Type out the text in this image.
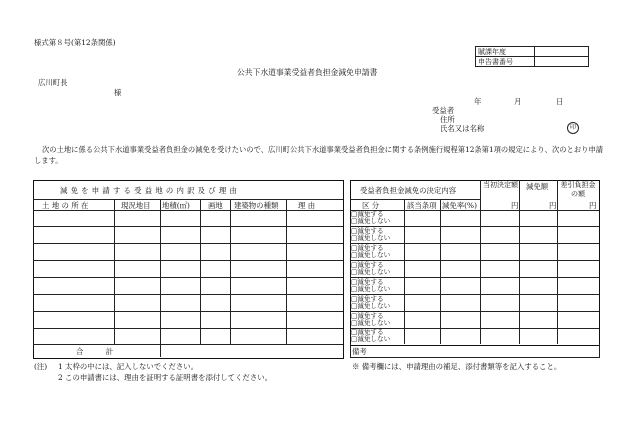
様式第８号(第12条関係)
賦課年度	
申告書番号	
公共下水道事業受益者負担金減免申請書
広川町長
様
年	月	日
受益者
住所
氏名又は名称	印
次の土地に係る公共下水道事業受益者負担金の減免を受けたいので、広川町公共下水道事業受益者負担金に関する条例施行規程第12条第1項の規定により、次のとおり申請します。
減免を申請する受益地の内訳及び理由
土 地 の 所 在	現況地目 地積(㎡) 画地 建築物の種類	理 由
合 計
受益者負担金減免の決定内容
区 分	該当条項 減免率(%)
当初決定額 減免額 差引負担金の額
円	円	円
□減免する
□減免しない
□減免する
□減免しない
□減免する
□減免しない
□減免する
□減免しない
□減免する
□減免しない
□減免する
□減免しない
□減免する
□減免しない
□減免する
□減免しない
備考
(注) 1 太枠の中には、記入しないでください。
2 この申請書には、理由を証明する証明書を添付してください。
※ 備考欄には、申請理由の補足、添付書類等を記入すること。
